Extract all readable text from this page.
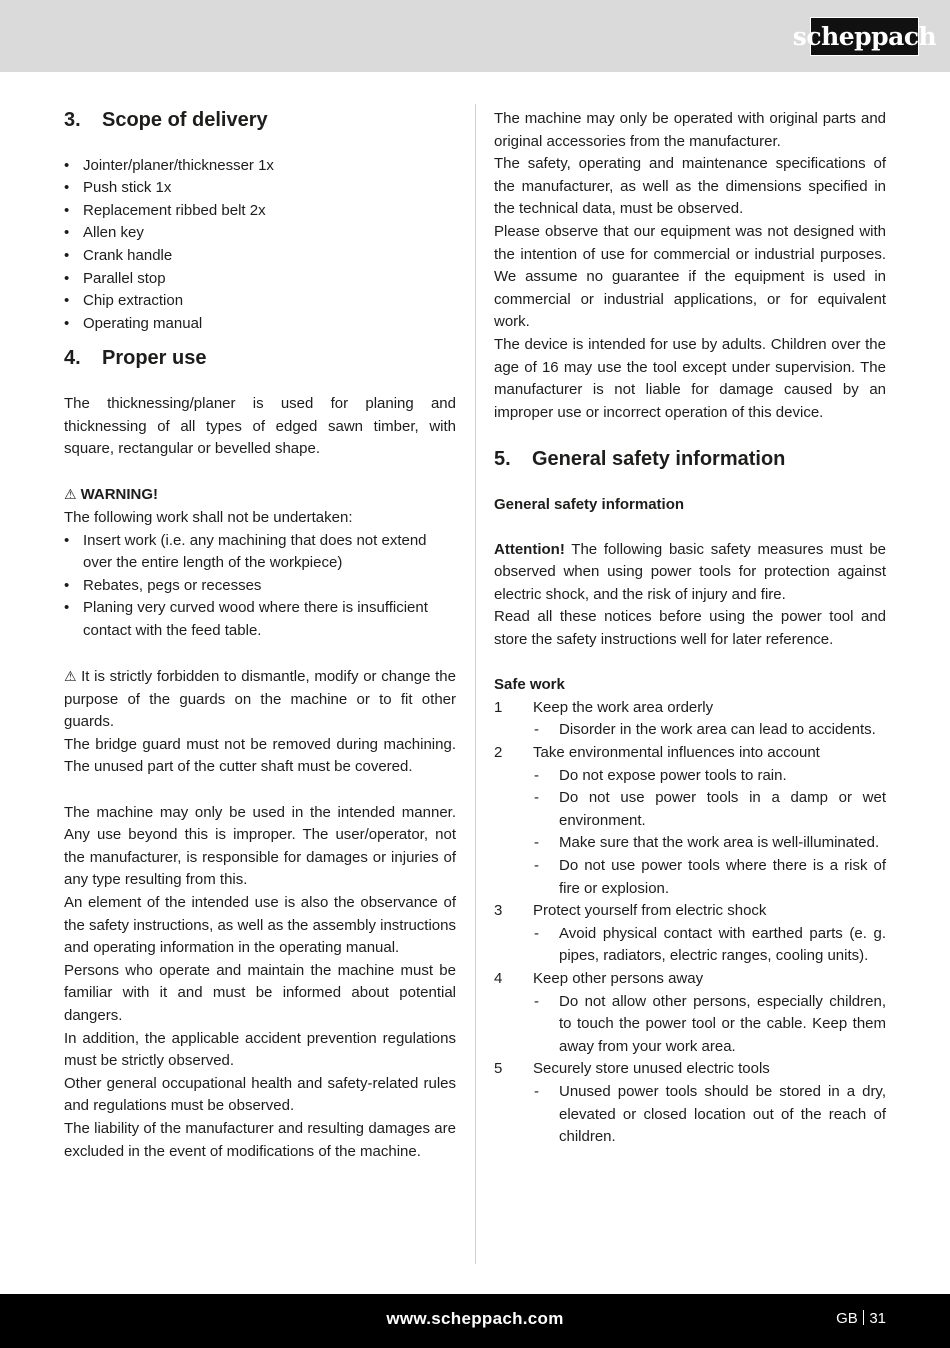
scheppach
3.	Scope of delivery
• Jointer/planer/thicknesser 1x
• Push stick 1x
• Replacement ribbed belt 2x
• Allen key
• Crank handle
• Parallel stop
• Chip extraction
• Operating manual
4.	Proper use

The thicknessing/planer is used for planing and thicknessing of all types of edged sawn timber, with square, rectangular or bevelled shape.

⚠ WARNING!

The following work shall not be undertaken:

• Insert work (i.e. any machining that does not extend over the entire length of the workpiece)
• Rebates, pegs or recesses
• Planing very curved wood where there is insufficient contact with the feed table.

⚠ It is strictly forbidden to dismantle, modify or change the purpose of the guards on the machine or to fit other guards.

The bridge guard must not be removed during machining. The unused part of the cutter shaft must be covered.

The machine may only be used in the intended manner. Any use beyond this is improper. The user/operator, not the manufacturer, is responsible for damages or injuries of any type resulting from this.

An element of the intended use is also the observance of the safety instructions, as well as the assembly instructions and operating information in the operating manual.

Persons who operate and maintain the machine must be familiar with it and must be informed about potential dangers.

In addition, the applicable accident prevention regulations must be strictly observed.

Other general occupational health and safety-related rules and regulations must be observed.

The liability of the manufacturer and resulting damages are excluded in the event of modifications of the machine.

The machine may only be operated with original parts and original accessories from the manufacturer.

The safety, operating and maintenance specifications of the manufacturer, as well as the dimensions specified in the technical data, must be observed.

Please observe that our equipment was not designed with the intention of use for commercial or industrial purposes. We assume no guarantee if the equipment is used in commercial or industrial applications, or for equivalent work.

The device is intended for use by adults. Children over the age of 16 may use the tool except under supervision. The manufacturer is not liable for damage caused by an improper use or incorrect operation of this device.

5.	General safety information
General safety information

Attention! The following basic safety measures must be observed when using power tools for protection against electric shock, and the risk of injury and fire.

Read all these notices before using the power tool and store the safety instructions well for later reference.

Safe work
1 Keep the work area orderly
- Disorder in the work area can lead to accidents.
2 Take environmental influences into account
- Do not expose power tools to rain.
- Do not use power tools in a damp or wet environment.
- Make sure that the work area is well-illuminated.
- Do not use power tools where there is a risk of fire or explosion.
3 Protect yourself from electric shock
- Avoid physical contact with earthed parts (e. g. pipes, radiators, electric ranges, cooling units).
4 Keep other persons away
- Do not allow other persons, especially children, to touch the power tool or the cable. Keep them away from your work area.
5 Securely store unused electric tools
- Unused power tools should be stored in a dry, elevated or closed location out of the reach of children.
www.scheppach.com	GB 31
